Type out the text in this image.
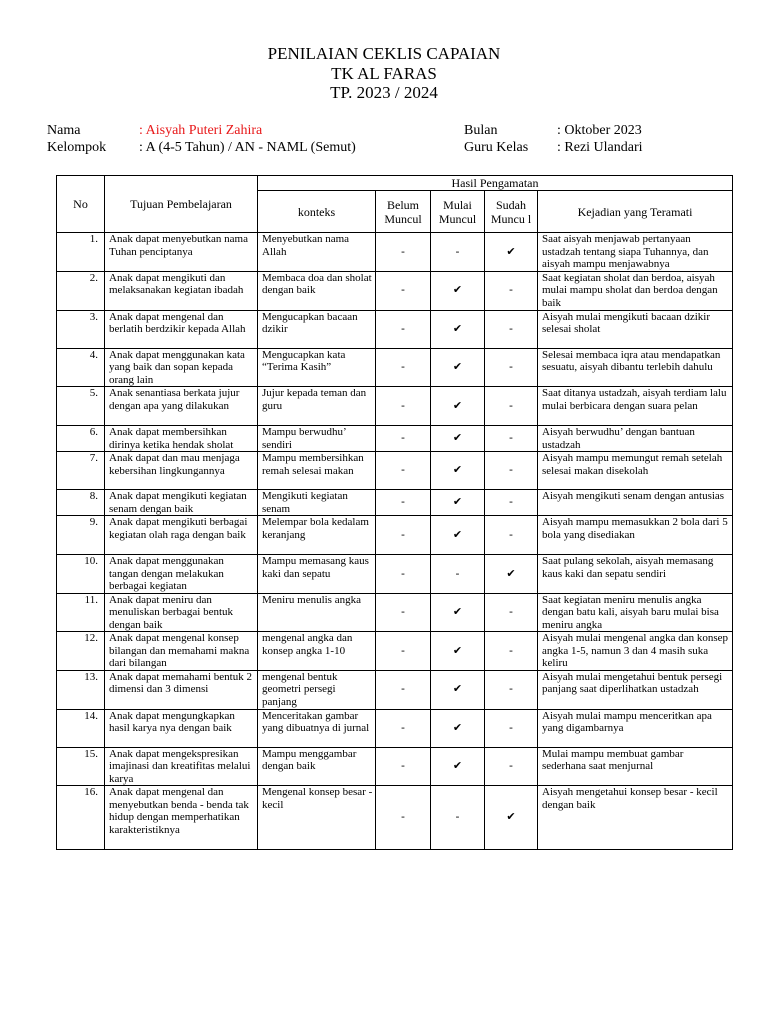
PENILAIAN CEKLIS CAPAIAN
TK AL FARAS
TP. 2023 / 2024
Nama	: Aisyah Puteri Zahira
Kelompok : A (4-5 Tahun) / AN - NAML (Semut)
Bulan	: Oktober 2023
Guru Kelas : Rezi Ulandari
No	Tujuan Pembelajaran	Hasil Pengamatan				
		konteks	Belum Muncul	Mulai Muncul	Sudah Muncu l	Kejadian yang Teramati
1.	Anak dapat menyebutkan nama Tuhan penciptanya	Menyebutkan nama Allah	-	-	✔	Saat aisyah menjawab pertanyaan ustadzah tentang siapa Tuhannya, dan aisyah mampu menjawabnya
2.	Anak dapat mengikuti dan melaksanakan kegiatan ibadah	Membaca doa dan sholat dengan baik	-	✔	-	Saat kegiatan sholat dan berdoa, aisyah mulai mampu sholat dan berdoa dengan baik
3.	Anak dapat mengenal dan berlatih berdzikir kepada Allah	Mengucapkan bacaan dzikir	-	✔	-	Aisyah mulai mengikuti bacaan dzikir selesai sholat
4.	Anak dapat menggunakan kata yang baik dan sopan kepada orang lain	Mengucapkan kata “Terima Kasih”	-	✔	-	Selesai membaca iqra atau mendapatkan sesuatu, aisyah dibantu terlebih dahulu
5.	Anak senantiasa berkata jujur dengan apa yang dilakukan	Jujur kepada teman dan guru	-	✔	-	Saat ditanya ustadzah, aisyah terdiam lalu mulai berbicara dengan suara pelan
6.	Anak dapat membersihkan dirinya ketika hendak sholat	Mampu berwudhu’ sendiri	-	✔	-	Aisyah berwudhu’ dengan bantuan ustadzah
7.	Anak dapat dan mau menjaga kebersihan lingkungannya	Mampu membersihkan remah selesai makan	-	✔	-	Aisyah mampu memungut remah setelah selesai makan disekolah
8.	Anak dapat mengikuti kegiatan senam dengan baik	Mengikuti kegiatan senam	-	✔	-	Aisyah mengikuti senam dengan antusias
9.	Anak dapat mengikuti berbagai kegiatan olah raga dengan baik	Melempar bola kedalam keranjang	-	✔	-	Aisyah mampu memasukkan 2 bola dari 5 bola yang disediakan
10.	Anak dapat menggunakan tangan dengan melakukan berbagai kegiatan	Mampu memasang kaus kaki dan sepatu	-	-	✔	Saat pulang sekolah, aisyah memasang kaus kaki dan sepatu sendiri
11.	Anak dapat meniru dan menuliskan berbagai bentuk dengan baik	Meniru menulis angka	-	✔	-	Saat kegiatan meniru menulis angka dengan batu kali, aisyah baru mulai bisa meniru angka
12.	Anak dapat mengenal konsep bilangan dan memahami makna dari bilangan	mengenal angka dan konsep angka 1-10	-	✔	-	Aisyah mulai mengenal angka dan konsep angka 1-5, namun 3 dan 4 masih suka keliru
13.	Anak dapat memahami bentuk 2 dimensi dan 3 dimensi	mengenal bentuk geometri persegi panjang	-	✔	-	Aisyah mulai mengetahui bentuk persegi panjang saat diperlihatkan ustadzah
14.	Anak dapat mengungkapkan hasil karya nya dengan baik	Menceritakan gambar yang dibuatnya di jurnal	-	✔	-	Aisyah mulai mampu menceritkan apa yang digambarnya
15.	Anak dapat mengekspresikan imajinasi dan kreatifitas melalui karya	Mampu menggambar dengan baik	-	✔	-	Mulai mampu membuat gambar sederhana saat menjurnal
16.	Anak dapat mengenal dan menyebutkan benda - benda tak hidup dengan memperhatikan karakteristiknya	Mengenal konsep besar - kecil	-	-	✔	Aisyah mengetahui konsep besar - kecil dengan baik
